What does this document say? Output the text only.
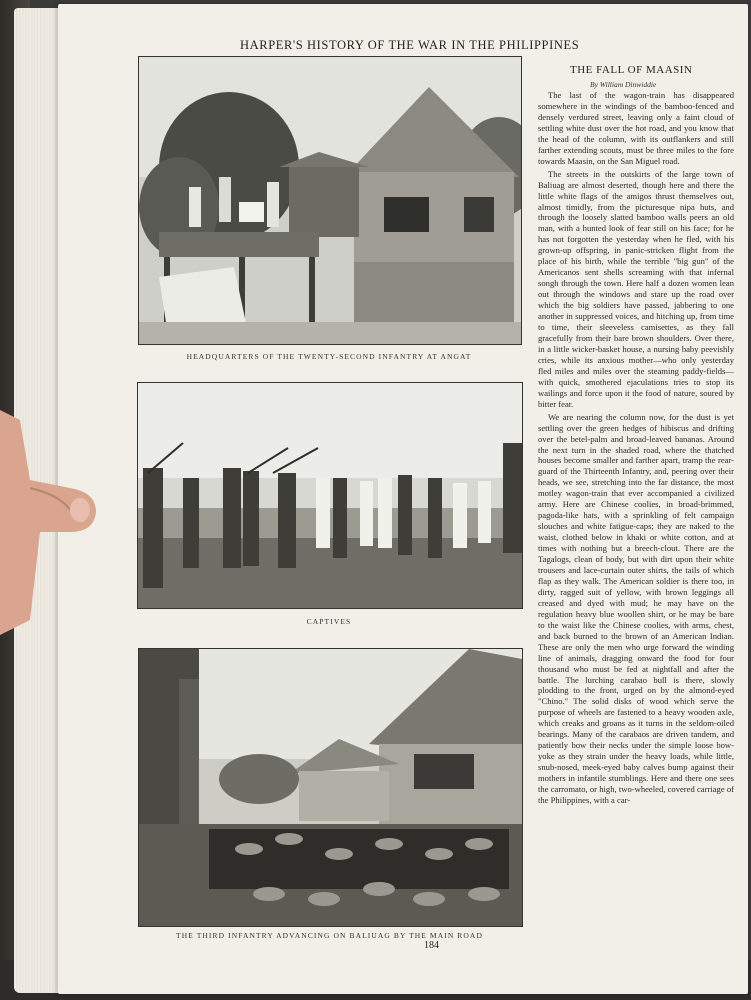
HARPER'S HISTORY OF THE WAR IN THE PHILIPPINES
HEADQUARTERS OF THE TWENTY-SECOND INFANTRY AT ANGAT
CAPTIVES
THE THIRD INFANTRY ADVANCING ON BALIUAG BY THE MAIN ROAD
THE FALL OF MAASIN
By William Dinwiddie

The last of the wagon-train has disappeared somewhere in the windings of the bamboo-fenced and densely verdured street, leaving only a faint cloud of settling white dust over the hot road, and you know that the head of the column, with its outflankers and still farther extending scouts, must be three miles to the fore towards Maasin, on the San Miguel road.

The streets in the outskirts of the large town of Baliuag are almost deserted, though here and there the little white flags of the amigos thrust themselves out, almost timidly, from the picturesque nipa huts, and through the loosely slatted bamboo walls peers an old man, with a hunted look of fear still on his face; for he has not forgotten the yesterday when he fled, with his grown-up offspring, in panic-stricken flight from the place of his birth, while the terrible "big gun" of the Americanos sent shells screaming with that infernal songh through the town. Here half a dozen women lean out through the windows and stare up the road over which the big soldiers have passed, jabbering to one another in suppressed voices, and hitching up, from time to time, their sleeveless camisettes, as they fall gracefully from their bare brown shoulders. Over there, in a little wicker-basket house, a nursing baby peevishly cries, while its anxious mother—who only yesterday fled miles and miles over the steaming paddy-fields—with quick, smothered ejaculations tries to stop its wailings and force upon it the food of nature, soured by bitter fear.

We are nearing the column now, for the dust is yet settling over the green hedges of hibiscus and drifting over the betel-palm and broad-leaved bananas. Around the next turn in the shaded road, where the thatched houses become smaller and farther apart, tramp the rear-guard of the Thirteenth Infantry, and, peering over their heads, we see, stretching into the far distance, the most motley wagon-train that ever accompanied a civilized army. Here are Chinese coolies, in broad-brimmed, pagoda-like hats, with a sprinkling of felt campaign slouches and white fatigue-caps; they are naked to the waist, clothed below in khaki or white cotton, and at times with nothing but a breech-clout. There are the Tagalogs, clean of body, but with dirt upon their white trousers and lace-curtain outer shirts, the tails of which flap as they walk. The American soldier is there too, in dirty, ragged suit of yellow, with brown leggings all creased and dyed with mud; he may have on the regulation heavy blue woollen shirt, or he may be bare to the waist like the Chinese coolies, with arms, chest, and back burned to the brown of an American Indian. These are only the men who urge forward the winding line of animals, dragging onward the food for four thousand who must be fed at nightfall and after the battle. The lurching carabao bull is there, slowly plodding to the front, urged on by the almond-eyed "Chino." The solid disks of wood which serve the purpose of wheels are fastened to a heavy wooden axle, which creaks and groans as it turns in the seldom-oiled bearings. Many of the carabaos are driven tandem, and patiently bow their necks under the simple loose bow-yoke as they strain under the heavy loads, while little, snub-nosed, meek-eyed baby calves bump against their mothers in infantile stumblings. Here and there one sees the carromato, or high, two-wheeled, covered carriage of the Philippines, with a car-

184
